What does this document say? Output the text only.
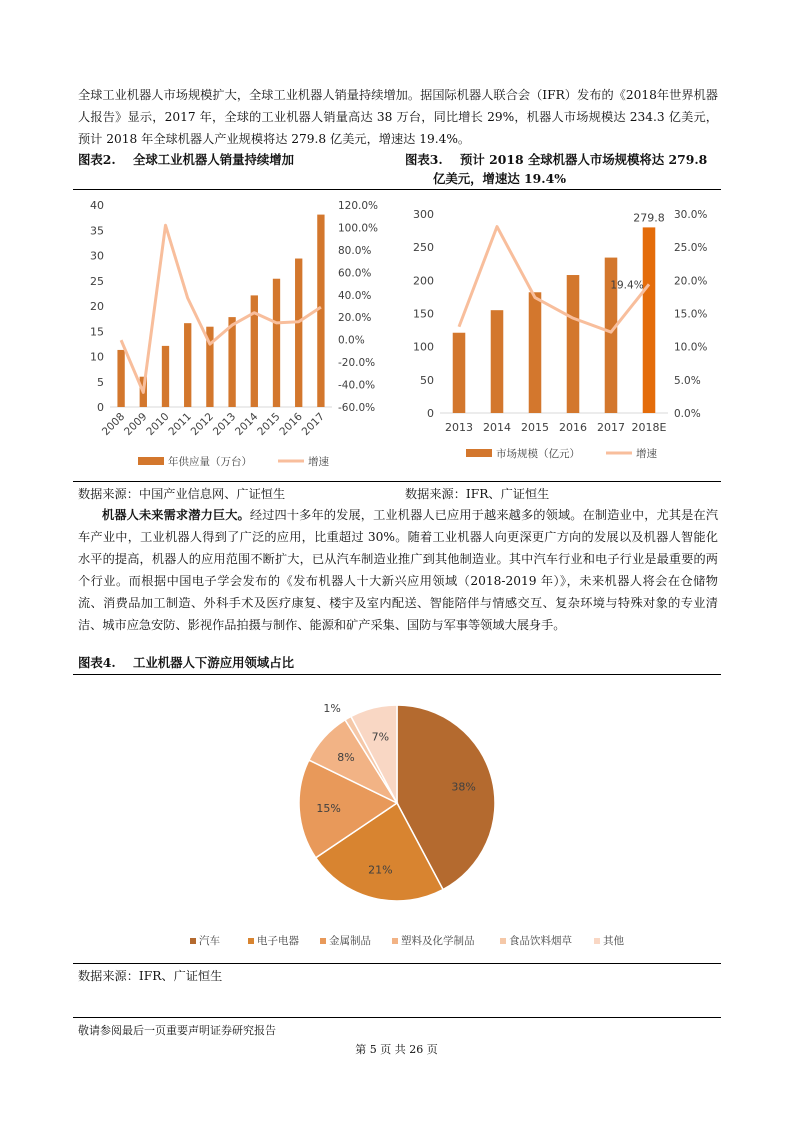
全球工业机器人市场规模扩大，全球工业机器人销量持续增加。据国际机器人联合会（IFR）发布的《2018年世界机器人报告》显示，2017 年，全球的工业机器人销量高达 38 万台，同比增长 29%，机器人市场规模达 234.3 亿美元，预计 2018 年全球机器人产业规模将达 279.8 亿美元，增速达 19.4%。
图表2. 全球工业机器人销量持续增加	图表3. 预计 2018 全球机器人市场规模将达 279.8
亿美元，增速达 19.4%
0
5
10
15
20
25
30
35
40
-60.0%
-40.0%
-20.0%
0.0%
20.0%
40.0%
60.0%
80.0%
100.0%
120.0%
2008
2009
2010
2011
2012
2013
2014
2015
2016
2017
年供应量（万台）	增速
0
50
100
150
200
250
300
0.0%
5.0%
10.0%
15.0%
20.0%
25.0%
30.0%
2013 2014 2015 2016 2017 2018E
279.8
19.4%
市场规模（亿元）	增速
数据来源：中国产业信息网、广证恒生	数据来源：IFR、广证恒生
机器人未来需求潜力巨大。经过四十多年的发展，工业机器人已应用于越来越多的领域。在制造业中，尤其是在汽车产业中，工业机器人得到了广泛的应用，比重超过 30%。随着工业机器人向更深更广方向的发展以及机器人智能化水平的提高，机器人的应用范围不断扩大，已从汽车制造业推广到其他制造业。其中汽车行业和电子行业是最重要的两个行业。而根据中国电子学会发布的《发布机器人十大新兴应用领域（2018-2019 年）》，未来机器人将会在仓储物流、消费品加工制造、外科手术及医疗康复、楼宇及室内配送、智能陪伴与情感交互、复杂环境与特殊对象的专业清洁、城市应急安防、影视作品拍摄与制作、能源和矿产采集、国防与军事等领域大展身手。
图表4. 工业机器人下游应用领域占比
38%
21%
15%
8%
1%
7%
汽车	电子电器	金属制品	塑料及化学制品	食品饮料烟草	其他
数据来源：IFR、广证恒生
敬请参阅最后一页重要声明证券研究报告
第 5 页 共 26 页
